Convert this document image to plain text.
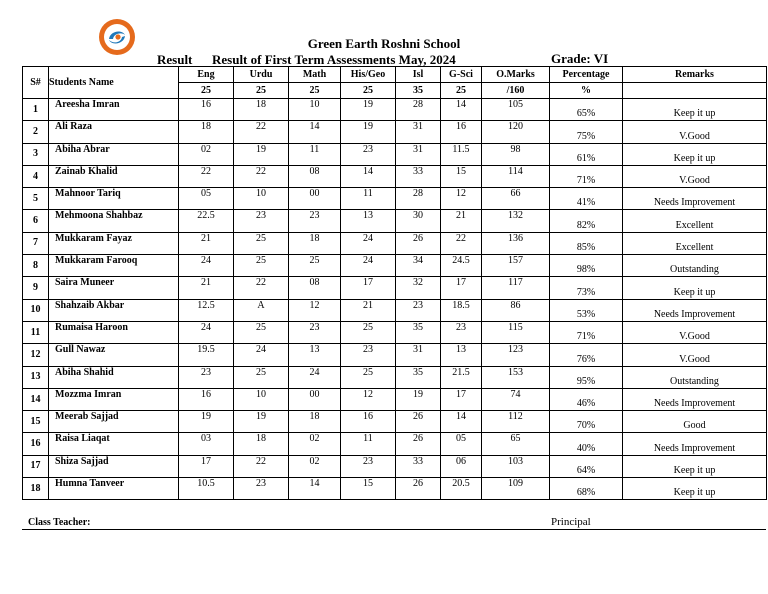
Green Earth Roshni School
Result Result of First Term Assessments May, 2024	Grade: VI
S#	Students Name	Eng	Urdu	Math	His/Geo	Isl	G-Sci	O.Marks	Percentage	Remarks
		25	25	25	25	35	25	/160	%	
1	Areesha Imran	16	18	10	19	28	14	105	65%	Keep it up
2	Ali Raza	18	22	14	19	31	16	120	75%	V.Good
3	Abiha Abrar	02	19	11	23	31	11.5	98	61%	Keep it up
4	Zainab Khalid	22	22	08	14	33	15	114	71%	V.Good
5	Mahnoor Tariq	05	10	00	11	28	12	66	41%	Needs Improvement
6	Mehmoona Shahbaz	22.5	23	23	13	30	21	132	82%	Excellent
7	Mukkaram Fayaz	21	25	18	24	26	22	136	85%	Excellent
8	Mukkaram Farooq	24	25	25	24	34	24.5	157	98%	Outstanding
9	Saira Muneer	21	22	08	17	32	17	117	73%	Keep it up
10	Shahzaib Akbar	12.5	A	12	21	23	18.5	86	53%	Needs Improvement
11	Rumaisa Haroon	24	25	23	25	35	23	115	71%	V.Good
12	Gull Nawaz	19.5	24	13	23	31	13	123	76%	V.Good
13	Abiha Shahid	23	25	24	25	35	21.5	153	95%	Outstanding
14	Mozzma Imran	16	10	00	12	19	17	74	46%	Needs Improvement
15	Meerab Sajjad	19	19	18	16	26	14	112	70%	Good
16	Raisa Liaqat	03	18	02	11	26	05	65	40%	Needs Improvement
17	Shiza Sajjad	17	22	02	23	33	06	103	64%	Keep it up
18	Humna Tanveer	10.5	23	14	15	26	20.5	109	68%	Keep it up
Class Teacher:	Principal
